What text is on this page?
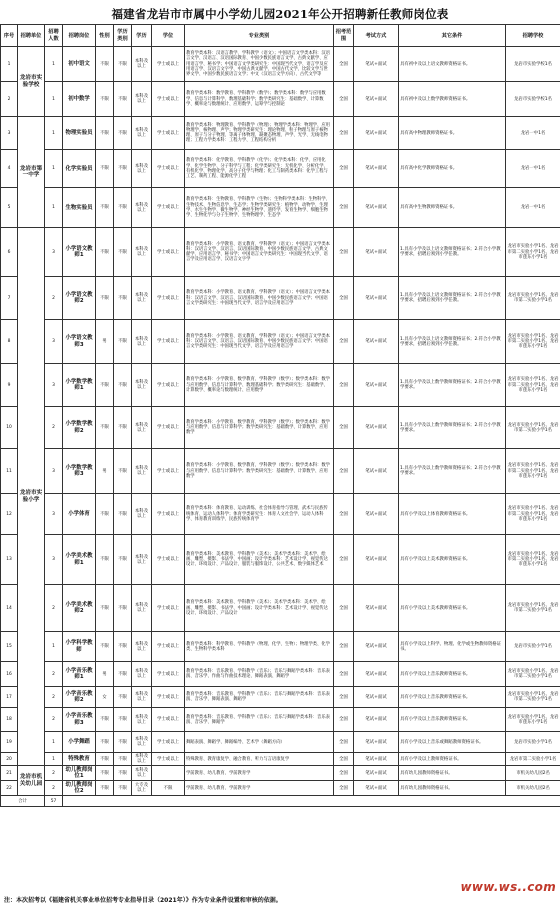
福建省龙岩市市属中小学幼儿园2021年公开招聘新任教师岗位表
序号	招聘单位	招聘人数	招聘岗位	性别	学历类别	学历	学位	专业类别	招考范围	考试方式	其它条件	招聘学校
1	龙岩市实验学校	1	初中语文	不限	不限	本科及以上	学士或以上	教育学类本科：汉语言教学、学科教学（语文）；中国语言文学类本科：汉语言文学、汉语言、汉语国际教育、中国少数民族语言文学、古典文献学、应用语言学、秘书学；中国语言文学类研究生：中国现当代文学、语言学及应用语言学、汉语言文字学、中国古典文献学、中国古代文学、比较文学与世界文学、中国少数民族语言文学；中文（汉语言文学方向）、古代文学等	全国	笔试+面试	具有初中及以上语文教师资格证书。	龙岩市实验学校1名
2		1	初中数学	不限	不限	本科及以上	学士或以上	教育学类本科：数学教育、学科教学（数学）；数学类本科：数学与应用数学、信息与计算科学、数理基础科学；数学类研究生：基础数学、计算数学、概率论与数理统计、应用数学、运筹学与控制论	全国	笔试+面试	具有初中及以上数学教师资格证书。	龙岩市实验学校1名
3	龙岩市第一中学	1	物理实验员	不限	不限	本科及以上	学士或以上	教育学类本科：物理教育、学科教学（物理）；物理学类本科：物理学、应用物理学、核物理、声学；物理学类研究生：理论物理、粒子物理与原子核物理、原子与分子物理、等离子体物理、凝聚态物理、声学、光学、无线电物理；工程力学类本科：工程力学、工程结构分析	全国	笔试+面试	具有高中物理教师资格证书。	龙岩一中1名
4		1	化学实验员	不限	不限	本科及以上	学士或以上	教育学类本科：化学教育、学科教学（化学）；化学类本科：化学、应用化学、化学生物学、分子科学与工程；化学类研究生：无机化学、分析化学、有机化学、物理化学、高分子化学与物理；化工与制药类本科：化学工程与工艺、制药工程、能源化学工程	全国	笔试+面试	具有高中化学教师资格证书。	龙岩一中1名
5		1	生物实验员	不限	不限	本科及以上	学士或以上	教育学类本科：生物教育、学科教学（生物）；生物科学类本科：生物科学、生物技术、生物信息学、生态学；生物学类研究生：植物学、动物学、生理学、水生生物学、微生物学、神经生物学、遗传学、发育生物学、细胞生物学、生物化学与分子生物学、生物物理学、生态学	全国	笔试+面试	具有高中生物教师资格证书。	龙岩一中1名
6	龙岩市实验小学	3	小学语文教师1	不限	不限	本科及以上	学士或以上	教育学类本科：小学教育、语文教育、学科教学（语文）；中国语言文学类本科：汉语言文学、汉语言、汉语国际教育、中国少数民族语言文学、古典文献学、应用语言学、秘书学；中国语言文学类研究生：中国现当代文学、语言学及应用语言学、汉语言文字学	全国	笔试+面试	1.具有小学及以上语文教师资格证书；2.符合小学教学要求，招聘后须到小学任教。	龙岩市实验小学1名、龙岩市第二实验小学1名、龙岩市莲东小学1名
7		2	小学语文教师2	不限	不限	本科及以上	学士或以上	教育学类本科：小学教育、语文教育、学科教学（语文）；中国语言文学类本科：汉语言文学、汉语言、汉语国际教育、中国少数民族语言文学；中国语言文学类研究生：中国现当代文学、语言学及应用语言学	全国	笔试+面试	1.具有小学及以上语文教师资格证书；2.符合小学教学要求，招聘后须到小学任教。	龙岩市实验小学1名、龙岩市第二实验小学1名
8		3	小学语文教师3	男	不限	本科及以上	学士或以上	教育学类本科：小学教育、语文教育、学科教学（语文）；中国语言文学类本科：汉语言文学、汉语言、汉语国际教育、中国少数民族语言文学；中国语言文学类研究生：中国现当代文学、语言学及应用语言学	全国	笔试+面试	1.具有小学及以上语文教师资格证书；2.符合小学教学要求，招聘后须到小学任教。	龙岩市实验小学1名、龙岩市第二实验小学1名、龙岩市莲东小学1名
9		3	小学数学教师1	不限	不限	本科及以上	学士或以上	教育学类本科：小学教育、数学教育、学科教学（数学）；数学类本科：数学与应用数学、信息与计算科学、数理基础科学；数学类研究生：基础数学、计算数学、概率论与数理统计、应用数学	全国	笔试+面试	1.具有小学及以上数学教师资格证书；2.符合小学教学要求。	龙岩市实验小学1名、龙岩市第二实验小学1名、龙岩市莲东小学1名
10		2	小学数学教师2	不限	不限	本科及以上	学士或以上	教育学类本科：小学教育、数学教育、学科教学（数学）；数学类本科：数学与应用数学、信息与计算科学；数学类研究生：基础数学、计算数学、应用数学	全国	笔试+面试	1.具有小学及以上数学教师资格证书；2.符合小学教学要求。	龙岩市实验小学1名、龙岩市第二实验小学1名
11		3	小学数学教师3	男	不限	本科及以上	学士或以上	教育学类本科：小学教育、数学教育、学科教学（数学）；数学类本科：数学与应用数学、信息与计算科学；数学类研究生：基础数学、计算数学、应用数学	全国	笔试+面试	1.具有小学及以上数学教师资格证书；2.符合小学教学要求。	龙岩市实验小学1名、龙岩市第二实验小学1名、龙岩市莲东小学1名
12		3	小学体育	不限	不限	本科及以上	学士或以上	教育学类本科：体育教育、运动训练、社会体育指导与管理、武术与民族传统体育、运动人体科学；体育学类研究生：体育人文社会学、运动人体科学、体育教育训练学、民族传统体育学	全国	笔试+面试	具有小学及以上体育教师资格证书。	龙岩市实验小学1名、龙岩市第二实验小学1名、龙岩市莲东小学1名
13		3	小学美术教师1	不限	不限	本科及以上	学士或以上	教育学类本科：美术教育、学科教学（美术）；美术学类本科：美术学、绘画、雕塑、摄影、书法学、中国画；设计学类本科：艺术设计学、视觉传达设计、环境设计、产品设计、服装与服饰设计、公共艺术、数字媒体艺术	全国	笔试+面试	具有小学及以上美术教师资格证书。	龙岩市实验小学1名、龙岩市第二实验小学1名、龙岩市莲东小学1名
14		2	小学美术教师2	不限	不限	本科及以上	学士或以上	教育学类本科：美术教育、学科教学（美术）；美术学类本科：美术学、绘画、雕塑、摄影、书法学、中国画；设计学类本科：艺术设计学、视觉传达设计、环境设计、产品设计	全国	笔试+面试	具有小学及以上美术教师资格证书。	龙岩市实验小学1名、龙岩市第二实验小学1名
15		1	小学科学教师	不限	不限	本科及以上	学士或以上	教育学类本科：科学教育、学科教学（物理、化学、生物）；物理学类、化学类、生物科学类本科	全国	笔试+面试	具有小学及以上科学、物理、化学或生物教师资格证书。	龙岩市实验小学1名
16		2	小学音乐教师1	男	不限	本科及以上	学士或以上	教育学类本科：音乐教育、学科教学（音乐）；音乐与舞蹈学类本科：音乐表演、音乐学、作曲与作曲技术理论、舞蹈表演、舞蹈学	全国	笔试+面试	具有小学及以上音乐教师资格证书。	龙岩市实验小学1名、龙岩市第二实验小学1名
17		2	小学音乐教师2	女	不限	本科及以上	学士或以上	教育学类本科：音乐教育、学科教学（音乐）；音乐与舞蹈学类本科：音乐表演、音乐学、舞蹈表演、舞蹈学	全国	笔试+面试	具有小学及以上音乐教师资格证书。	龙岩市实验小学1名、龙岩市第二实验小学1名
18		2	小学音乐教师3	不限	不限	本科及以上	学士或以上	教育学类本科：音乐教育、学科教学（音乐）；音乐与舞蹈学类本科：音乐表演、音乐学、舞蹈学	全国	笔试+面试	具有小学及以上音乐教师资格证书。	龙岩市实验小学1名、龙岩市莲东小学1名
19		1	小学舞蹈	不限	不限	本科及以上	学士或以上	舞蹈表演、舞蹈学、舞蹈编导、艺术学（舞蹈方向）	全国	笔试+面试	具有小学及以上音乐或舞蹈教师资格证书。	龙岩市实验小学1名
20		1	特殊教育	不限	不限	本科及以上	学士或以上	特殊教育、教育康复学、融合教育、听力与言语康复学	全国	笔试+面试	具有小学及以上教师资格证书。	龙岩市第二实验小学1名
21	龙岩市机关幼儿园	2	幼儿教师岗位1	不限	不限	本科及以上		学前教育、幼儿教育、学前教育学	全国	笔试+面试	具有幼儿园教师资格证书。	市机关幼儿园2名
22		2	幼儿教师岗位2	不限	不限	大专及以上	不限	学前教育、幼儿教育、学前教育学	全国	笔试+面试	具有幼儿园教师资格证书。	市机关幼儿园2名
合计		57										
www.ws..com
注：本次招考以《福建省机关事业单位招考专业指导目录（2021年）》作为专业条件设置和审核的依据。
